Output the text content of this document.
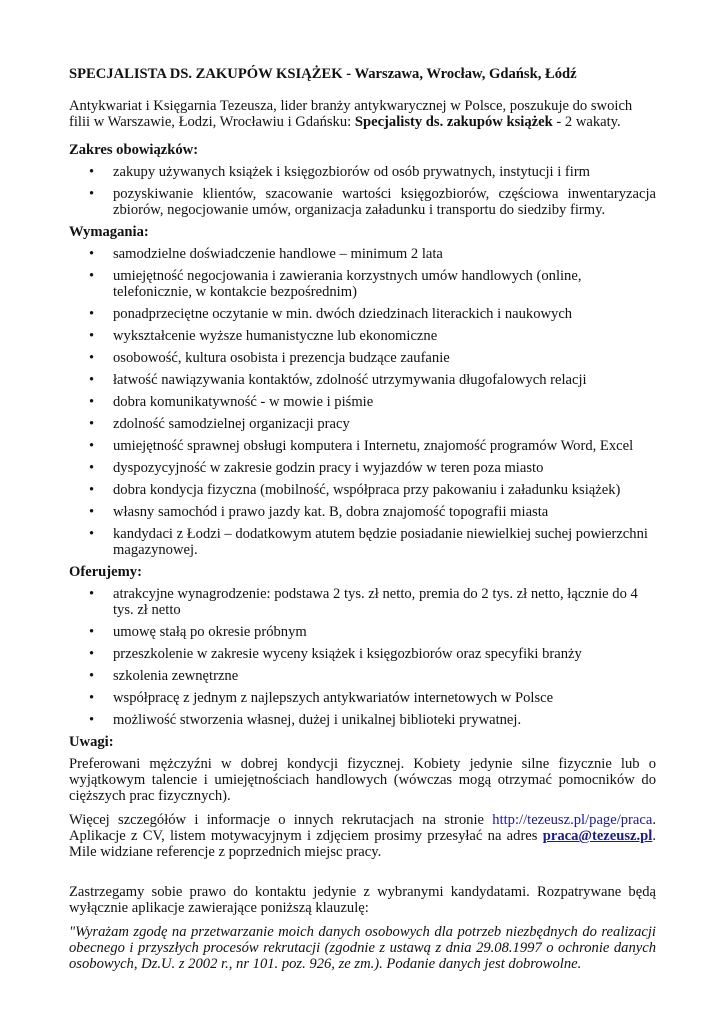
SPECJALISTA DS. ZAKUPÓW KSIĄŻEK - Warszawa, Wrocław, Gdańsk, Łódź
Antykwariat i Księgarnia Tezeusza, lider branży antykwarycznej w Polsce, poszukuje do swoich filii w Warszawie, Łodzi, Wrocławiu i Gdańsku: Specjalisty ds. zakupów książek - 2 wakaty.
Zakres obowiązków:
• zakupy używanych książek i księgozbiorów od osób prywatnych, instytucji i firm
• pozyskiwanie klientów, szacowanie wartości księgozbiorów, częściowa inwentaryzacja zbiorów, negocjowanie umów, organizacja załadunku i transportu do siedziby firmy.
Wymagania:
• samodzielne doświadczenie handlowe – minimum 2 lata
• umiejętność negocjowania i zawierania korzystnych umów handlowych (online, telefonicznie, w kontakcie bezpośrednim)
• ponadprzeciętne oczytanie w min. dwóch dziedzinach literackich i naukowych
• wykształcenie wyższe humanistyczne lub ekonomiczne
• osobowość, kultura osobista i prezencja budzące zaufanie
• łatwość nawiązywania kontaktów, zdolność utrzymywania długofalowych relacji
• dobra komunikatywność - w mowie i piśmie
• zdolność samodzielnej organizacji pracy
• umiejętność sprawnej obsługi komputera i Internetu, znajomość programów Word, Excel
• dyspozycyjność w zakresie godzin pracy i wyjazdów w teren poza miasto
• dobra kondycja fizyczna (mobilność, współpraca przy pakowaniu i załadunku książek)
• własny samochód i prawo jazdy kat. B, dobra znajomość topografii miasta
• kandydaci z Łodzi – dodatkowym atutem będzie posiadanie niewielkiej suchej powierzchni magazynowej.
Oferujemy:
• atrakcyjne wynagrodzenie: podstawa 2 tys. zł netto, premia do 2 tys. zł netto, łącznie do 4 tys. zł netto
• umowę stałą po okresie próbnym
• przeszkolenie w zakresie wyceny książek i księgozbiorów oraz specyfiki branży
• szkolenia zewnętrzne
• współpracę z jednym z najlepszych antykwariatów internetowych w Polsce
• możliwość stworzenia własnej, dużej i unikalnej biblioteki prywatnej.
Uwagi:
Preferowani mężczyźni w dobrej kondycji fizycznej. Kobiety jedynie silne fizycznie lub o wyjątkowym talencie i umiejętnościach handlowych (wówczas mogą otrzymać pomocników do cięższych prac fizycznych).
Więcej szczegółów i informacje o innych rekrutacjach na stronie http://tezeusz.pl/page/praca. Aplikacje z CV, listem motywacyjnym i zdjęciem prosimy przesyłać na adres praca@tezeusz.pl. Mile widziane referencje z poprzednich miejsc pracy.
Zastrzegamy sobie prawo do kontaktu jedynie z wybranymi kandydatami. Rozpatrywane będą wyłącznie aplikacje zawierające poniższą klauzulę:
"Wyrażam zgodę na przetwarzanie moich danych osobowych dla potrzeb niezbędnych do realizacji obecnego i przyszłych procesów rekrutacji (zgodnie z ustawą z dnia 29.08.1997 o ochronie danych osobowych, Dz.U. z 2002 r., nr 101. poz. 926, ze zm.). Podanie danych jest dobrowolne.
